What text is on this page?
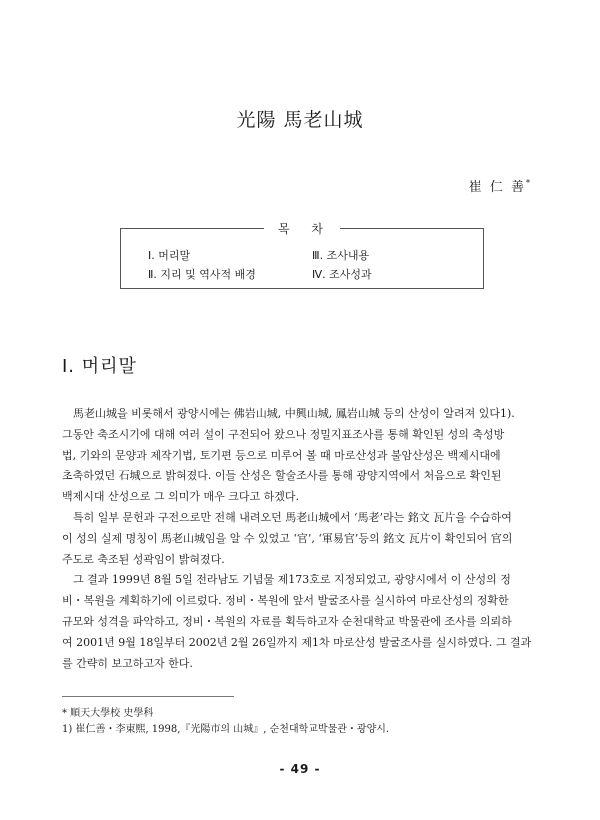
光陽 馬老山城
崔 仁 善*
목 차
Ⅰ. 머리말
Ⅱ. 지리 및 역사적 배경
Ⅲ. 조사내용
Ⅳ. 조사성과
Ⅰ. 머리말

馬老山城을 비롯해서 광양시에는 佛岩山城, 中興山城, 鳳岩山城 등의 산성이 알려져 있다1).
그동안 축조시기에 대해 여러 설이 구전되어 왔으나 정밀지표조사를 통해 확인된 성의 축성방
법, 기와의 문양과 제작기법, 토기편 등으로 미루어 볼 때 마로산성과 불암산성은 백제시대에
초축하였던 石城으로 밝혀졌다. 이들 산성은 할술조사를 통해 광양지역에서 처음으로 확인된
백제시대 산성으로 그 의미가 매우 크다고 하겠다.

특히 일부 문헌과 구전으로만 전해 내려오던 馬老山城에서 ‘馬老’라는 銘文 瓦片을 수습하여
이 성의 실제 명칭이 馬老山城임을 알 수 있었고 ‘官’, ‘軍易官’등의 銘文 瓦片이 확인되어 官의
주도로 축조된 성곽임이 밝혀졌다.

그 결과 1999년 8월 5일 전라남도 기념물 제173호로 지정되었고, 광양시에서 이 산성의 정
비・복원을 계획하기에 이르렀다. 정비・복원에 앞서 발굴조사를 실시하여 마로산성의 정확한
규모와 성격을 파악하고, 정비・복원의 자료를 획득하고자 순천대학교 박물관에 조사를 의뢰하
여 2001년 9월 18일부터 2002년 2월 26일까지 제1차 마로산성 발굴조사를 실시하였다. 그 결과
를 간략히 보고하고자 한다.

* 順天大學校 史學科
1) 崔仁善・李東熙, 1998,『光陽市의 山城』, 순천대학교박물관・광양시.
- 49 -
